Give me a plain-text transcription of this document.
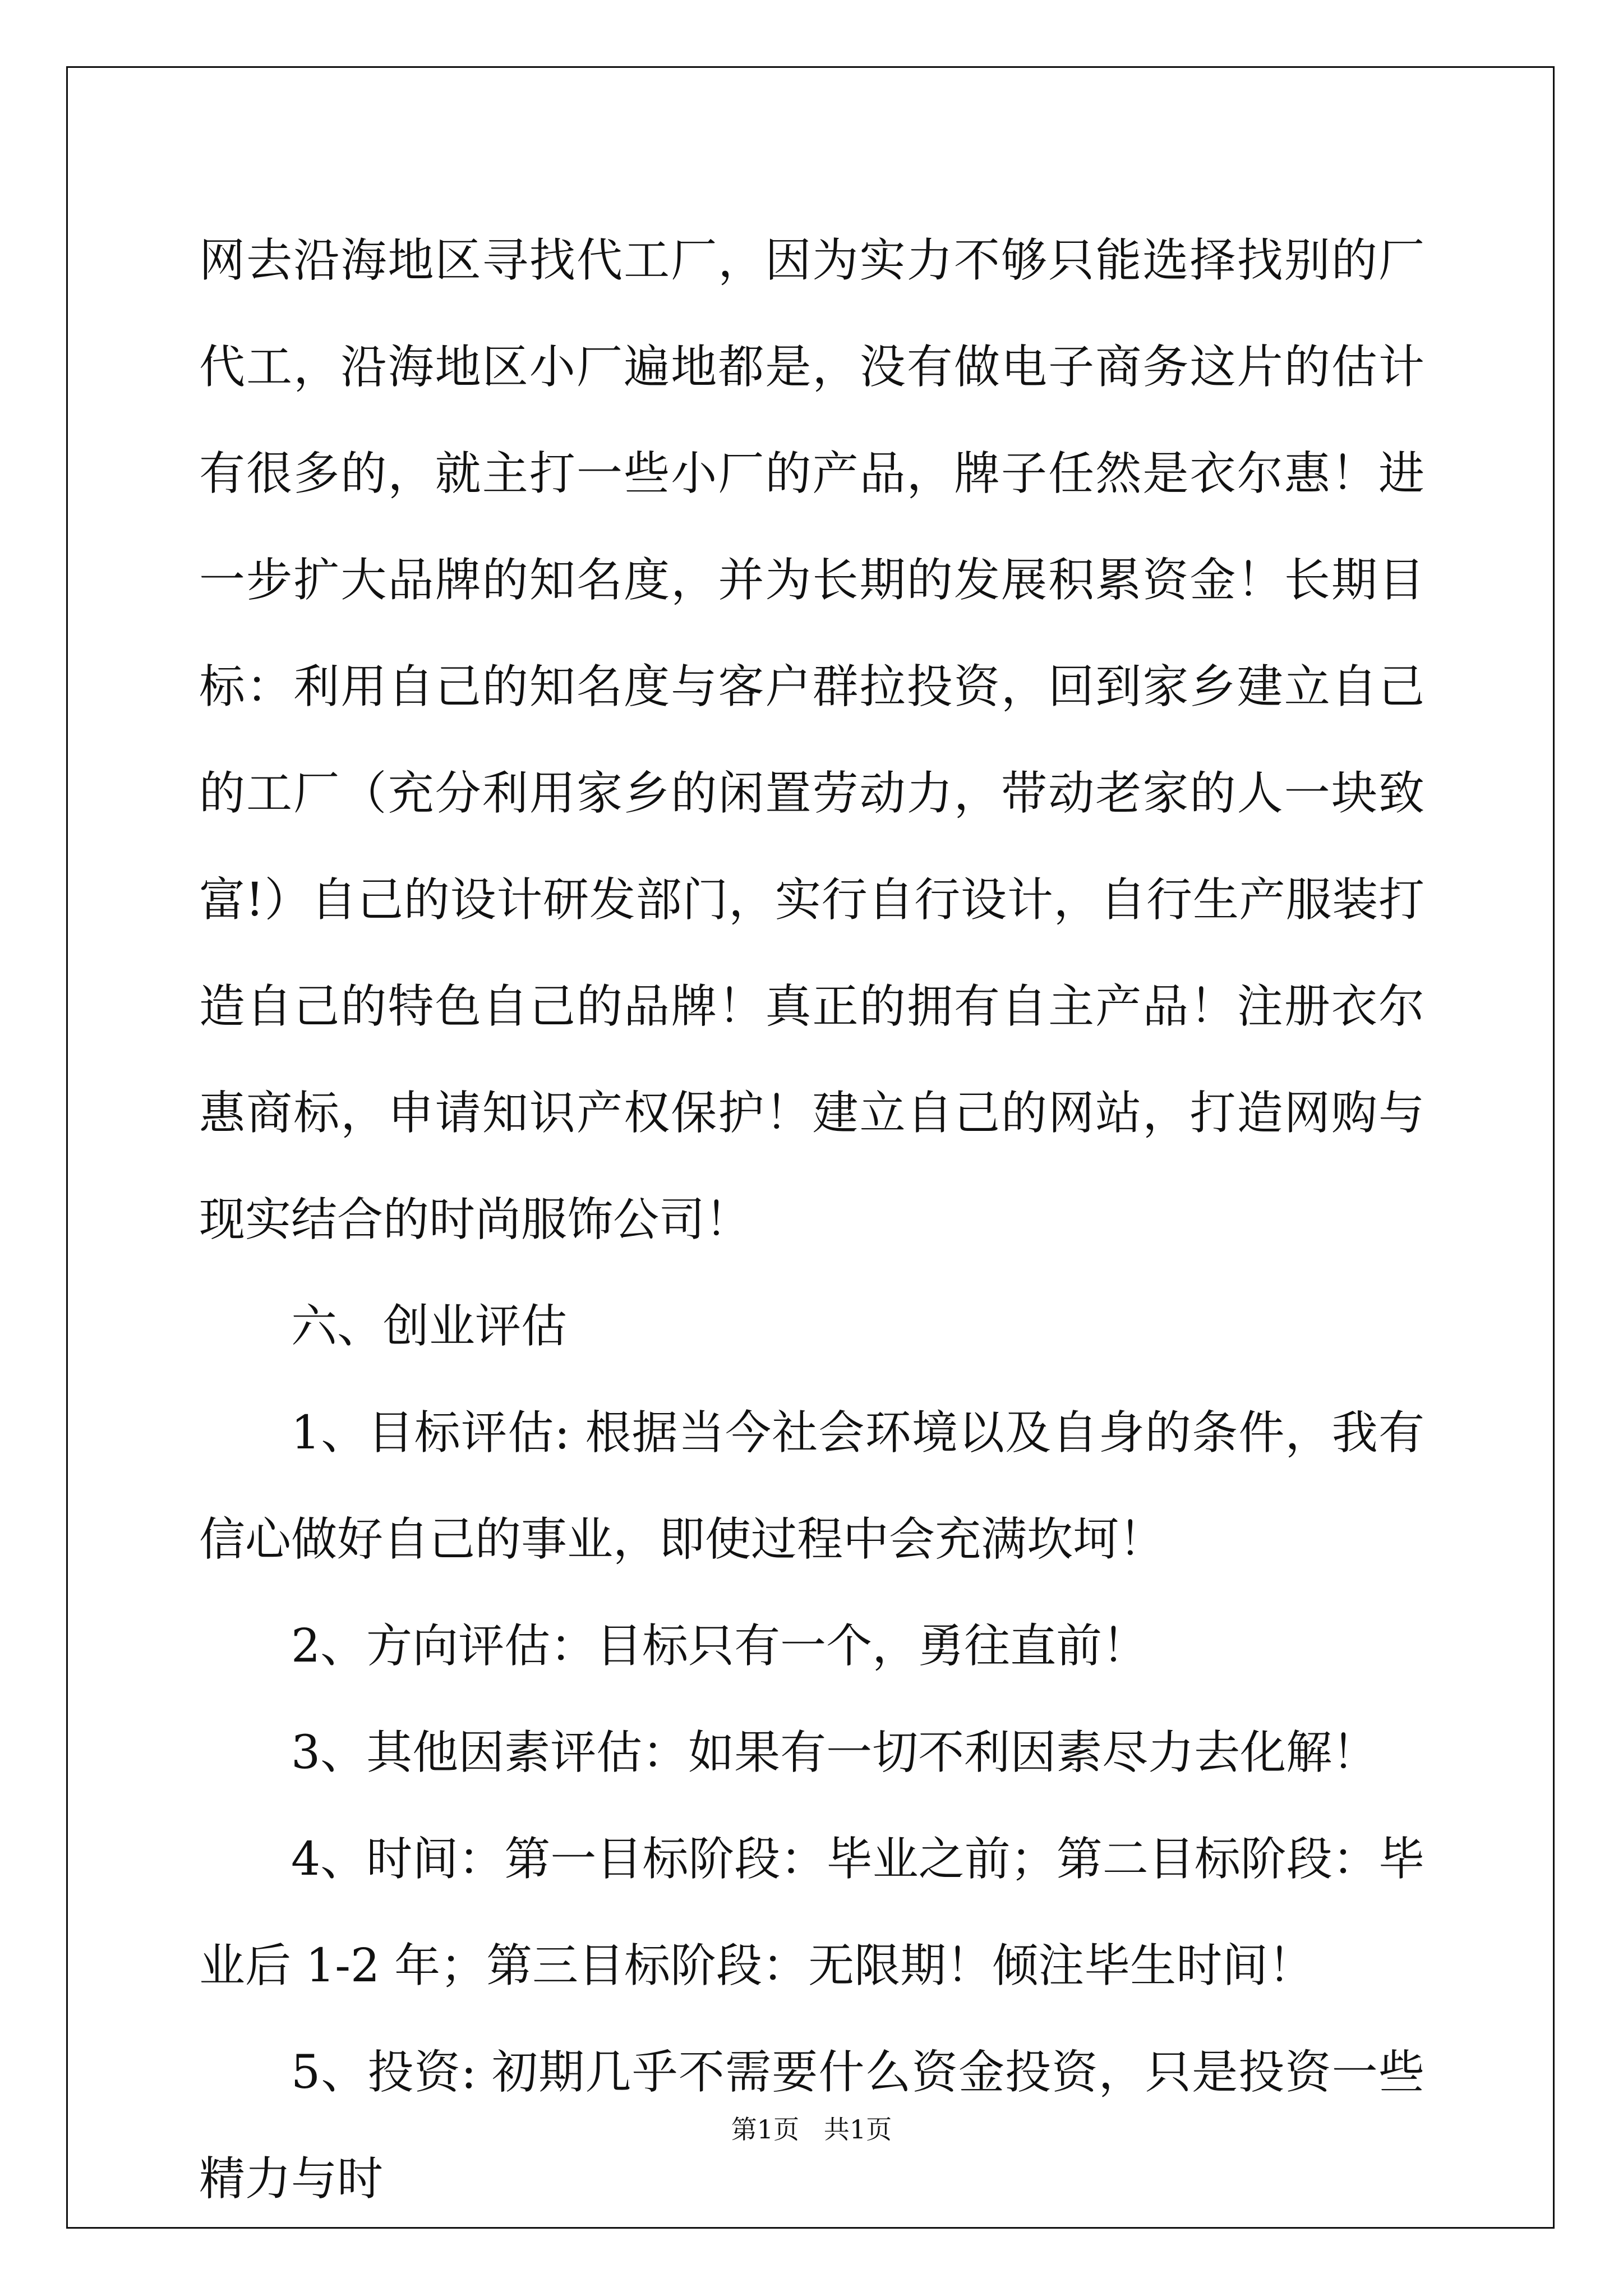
网去沿海地区寻找代工厂，因为实力不够只能选择找别的厂代工，沿海地区小厂遍地都是，没有做电子商务这片的估计有很多的，就主打一些小厂的产品，牌子任然是衣尔惠！进一步扩大品牌的知名度，并为长期的发展积累资金！长期目标：利用自己的知名度与客户群拉投资，回到家乡建立自己的工厂（充分利用家乡的闲置劳动力，带动老家的人一块致富!）自己的设计研发部门，实行自行设计，自行生产服装打造自己的特色自己的品牌！真正的拥有自主产品！注册衣尔惠商标，申请知识产权保护！建立自己的网站，打造网购与现实结合的时尚服饰公司！

六、创业评估

1、目标评估: 根据当今社会环境以及自身的条件，我有信心做好自己的事业，即使过程中会充满坎坷！

2、方向评估：目标只有一个，勇往直前！

3、其他因素评估：如果有一切不利因素尽力去化解！

4、时间：第一目标阶段：毕业之前；第二目标阶段：毕业后 1-2 年；第三目标阶段：无限期！倾注毕生时间！

5、投资: 初期几乎不需要什么资金投资，只是投资一些精力与时

第1页   共1页
